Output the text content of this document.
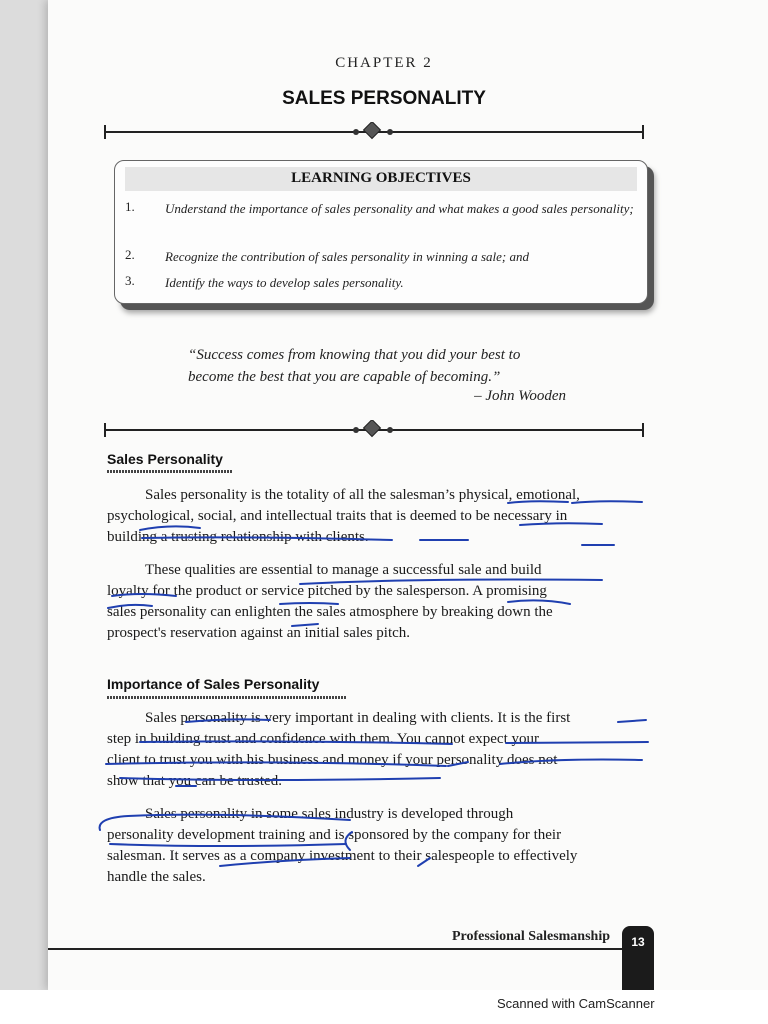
CHAPTER 2
SALES PERSONALITY
LEARNING OBJECTIVES
1. Understand the importance of sales personality and what makes a good sales personality;
2. Recognize the contribution of sales personality in winning a sale; and
3. Identify the ways to develop sales personality.
“Success comes from knowing that you did your best to
become the best that you are capable of becoming.”
– John Wooden
Sales Personality
Sales personality is the totality of all the salesman’s physical, emotional,
psychological, social, and intellectual traits that is deemed to be necessary in
building a trusting relationship with clients.
These qualities are essential to manage a successful sale and build
loyalty for the product or service pitched by the salesperson. A promising
sales personality can enlighten the sales atmosphere by breaking down the
prospect's reservation against an initial sales pitch.
Importance of Sales Personality
Sales personality is very important in dealing with clients. It is the first
step in building trust and confidence with them. You cannot expect your
client to trust you with his business and money if your personality does not
show that you can be trusted.
Sales personality in some sales industry is developed through
personality development training and is sponsored by the company for their
salesman. It serves as a company investment to their salespeople to effectively
handle the sales.
Professional Salesmanship	13
Scanned with CamScanner
